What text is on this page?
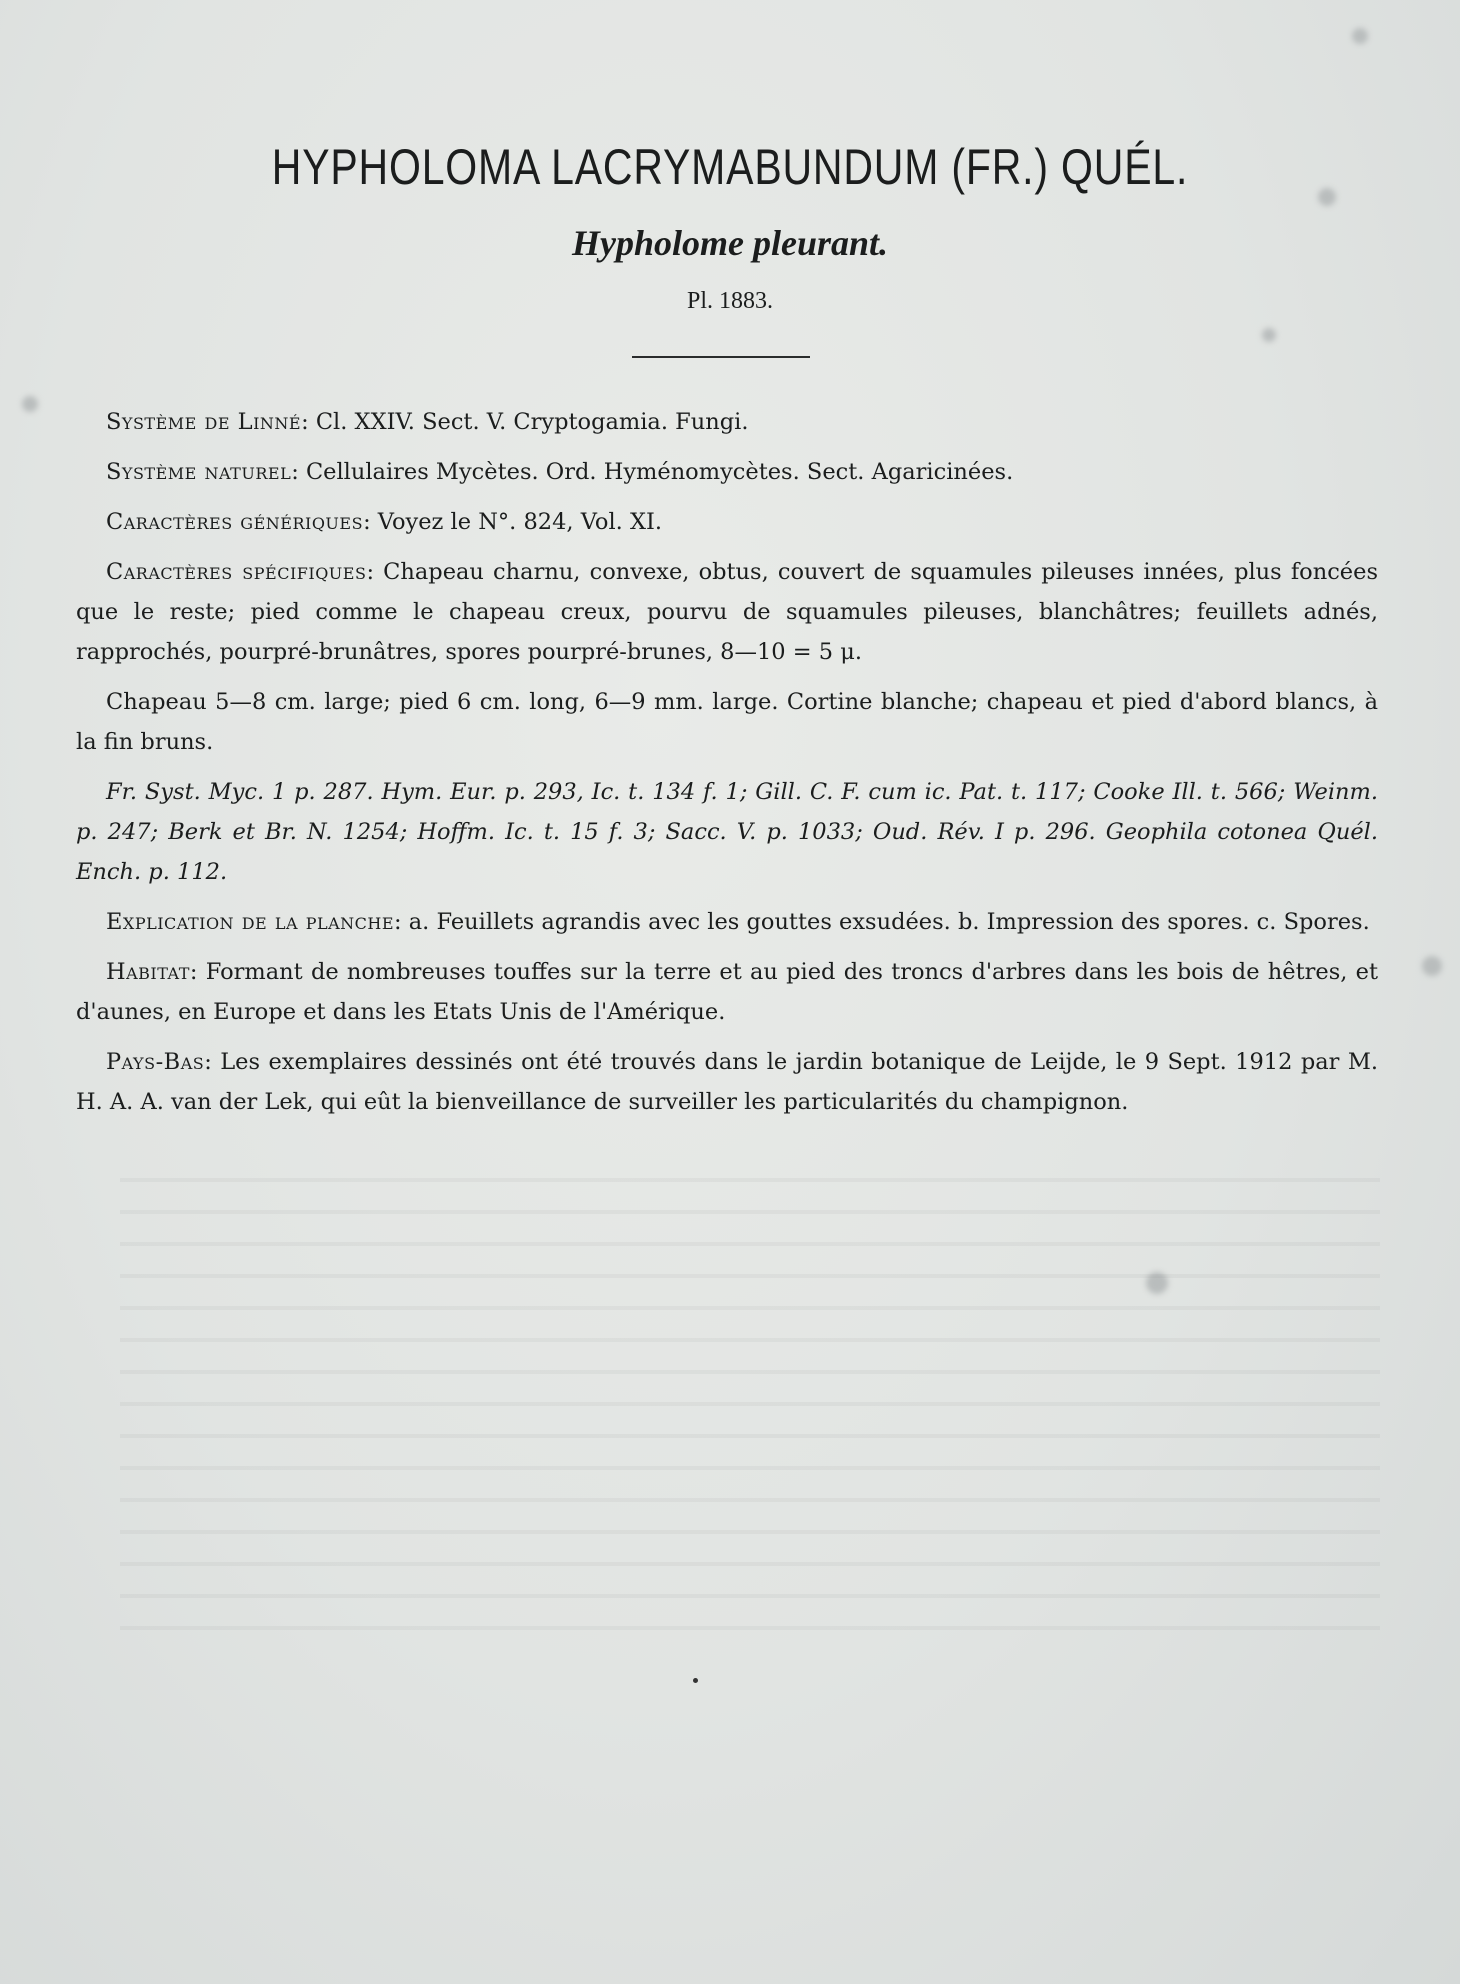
HYPHOLOMA LACRYMABUNDUM (FR.) QUÉL.
Hypholome pleurant.
Pl. 1883.

Système de Linné: Cl. XXIV. Sect. V. Cryptogamia. Fungi.

Système naturel: Cellulaires Mycètes. Ord. Hyménomycètes. Sect. Agaricinées.

Caractères génériques: Voyez le N°. 824, Vol. XI.

Caractères spécifiques: Chapeau charnu, convexe, obtus, couvert de squamules pileuses innées, plus foncées que le reste; pied comme le chapeau creux, pourvu de squamules pileuses, blanchâtres; feuillets adnés, rapprochés, pourpré-brunâtres, spores pourpré-brunes, 8—10 = 5 μ.

Chapeau 5—8 cm. large; pied 6 cm. long, 6—9 mm. large. Cortine blanche; chapeau et pied d'abord blancs, à la fin bruns.

Fr. Syst. Myc. 1 p. 287. Hym. Eur. p. 293, Ic. t. 134 f. 1; Gill. C. F. cum ic. Pat. t. 117; Cooke Ill. t. 566; Weinm. p. 247; Berk et Br. N. 1254; Hoffm. Ic. t. 15 f. 3; Sacc. V. p. 1033; Oud. Rév. I p. 296. Geophila cotonea Quél. Ench. p. 112.

Explication de la planche: a. Feuillets agrandis avec les gouttes exsudées. b. Impression des spores. c. Spores.

Habitat: Formant de nombreuses touffes sur la terre et au pied des troncs d'arbres dans les bois de hêtres, et d'aunes, en Europe et dans les Etats Unis de l'Amérique.

Pays-Bas: Les exemplaires dessinés ont été trouvés dans le jardin botanique de Leijde, le 9 Sept. 1912 par M. H. A. A. van der Lek, qui eût la bienveillance de surveiller les particularités du champignon.
